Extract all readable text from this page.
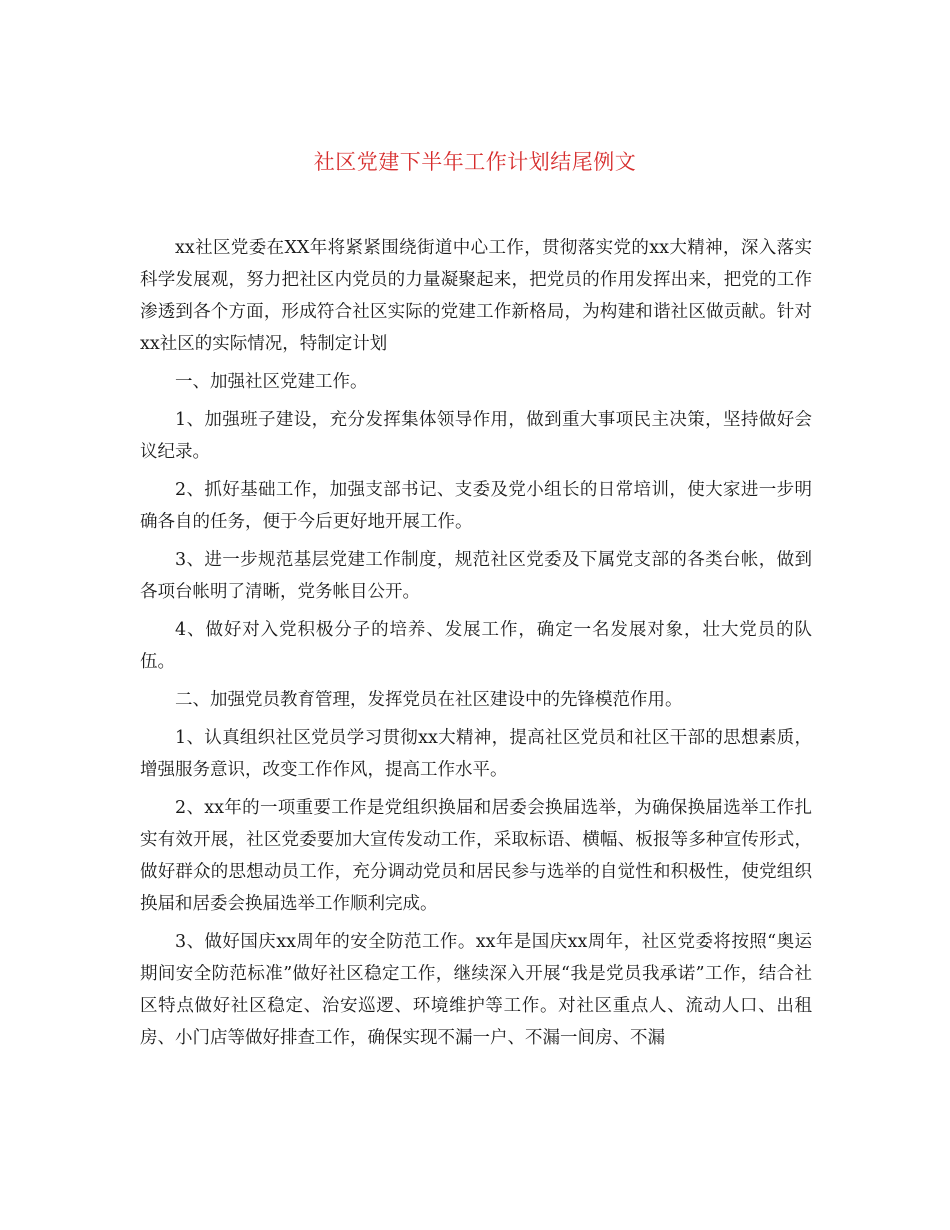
社区党建下半年工作计划结尾例文

xx社区党委在XX年将紧紧围绕街道中心工作，贯彻落实党的xx大精神，深入落实科学发展观，努力把社区内党员的力量凝聚起来，把党员的作用发挥出来，把党的工作渗透到各个方面，形成符合社区实际的党建工作新格局，为构建和谐社区做贡献。针对xx社区的实际情况，特制定计划

一、加强社区党建工作。

1、加强班子建设，充分发挥集体领导作用，做到重大事项民主决策，坚持做好会议纪录。

2、抓好基础工作，加强支部书记、支委及党小组长的日常培训，使大家进一步明确各自的任务，便于今后更好地开展工作。

3、进一步规范基层党建工作制度，规范社区党委及下属党支部的各类台帐，做到各项台帐明了清晰，党务帐目公开。

4、做好对入党积极分子的培养、发展工作，确定一名发展对象，壮大党员的队伍。

二、加强党员教育管理，发挥党员在社区建设中的先锋模范作用。

1、认真组织社区党员学习贯彻xx大精神，提高社区党员和社区干部的思想素质，增强服务意识，改变工作作风，提高工作水平。

2、xx年的一项重要工作是党组织换届和居委会换届选举，为确保换届选举工作扎实有效开展，社区党委要加大宣传发动工作，采取标语、横幅、板报等多种宣传形式，做好群众的思想动员工作，充分调动党员和居民参与选举的自觉性和积极性，使党组织换届和居委会换届选举工作顺利完成。

3、做好国庆xx周年的安全防范工作。xx年是国庆xx周年，社区党委将按照“奥运期间安全防范标准”做好社区稳定工作，继续深入开展“我是党员我承诺”工作，结合社区特点做好社区稳定、治安巡逻、环境维护等工作。对社区重点人、流动人口、出租房、小门店等做好排查工作，确保实现不漏一户、不漏一间房、不漏
